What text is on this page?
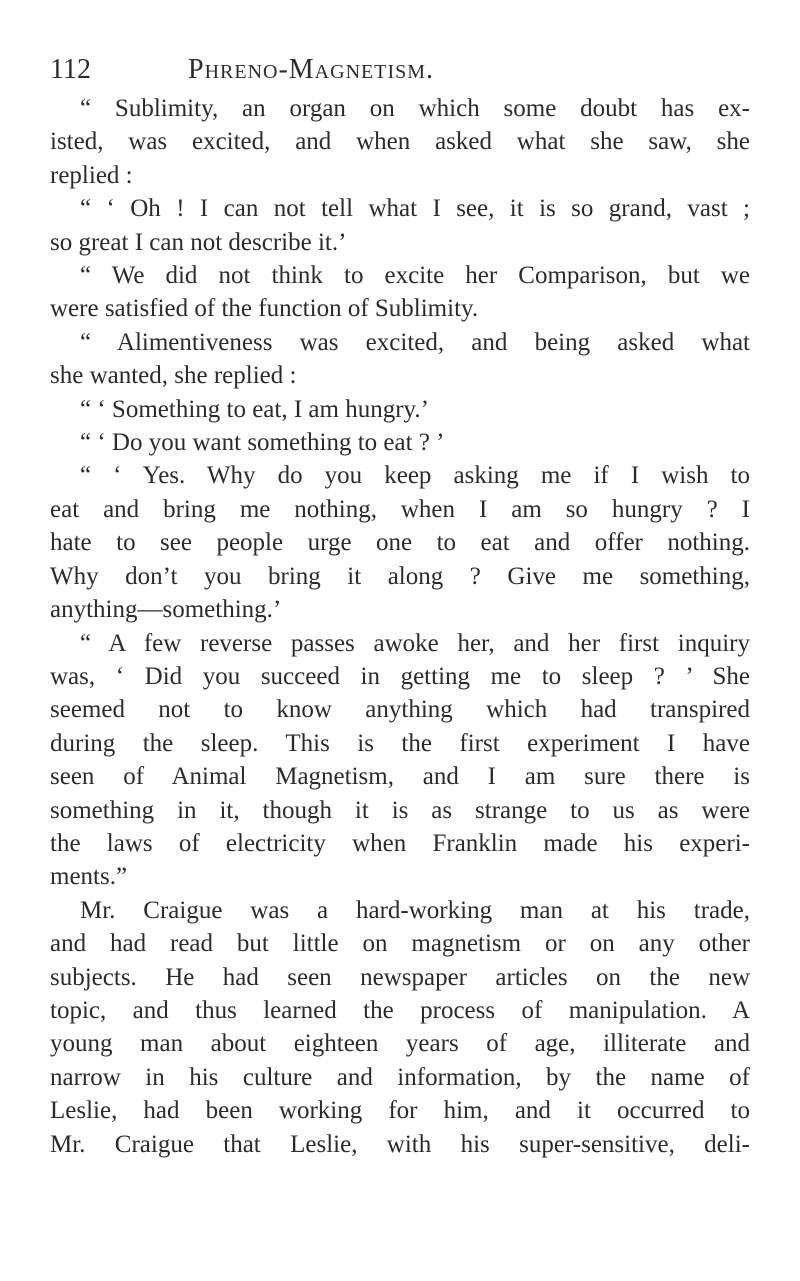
112	Phreno-Magnetism.
“ Sublimity, an organ on which some doubt has ex-
isted, was excited, and when asked what she saw, she
replied :
“ ‘ Oh ! I can not tell what I see, it is so grand, vast ;
so great I can not describe it.’
“ We did not think to excite her Comparison, but we
were satisfied of the function of Sublimity.
“ Alimentiveness was excited, and being asked what
she wanted, she replied :
“ ‘ Something to eat, I am hungry.’
“ ‘ Do you want something to eat ? ’
“ ‘ Yes. Why do you keep asking me if I wish to
eat and bring me nothing, when I am so hungry ? I
hate to see people urge one to eat and offer nothing.
Why don’t you bring it along ? Give me something,
anything—something.’
“ A few reverse passes awoke her, and her first inquiry
was, ‘ Did you succeed in getting me to sleep ? ’ She
seemed not to know anything which had transpired
during the sleep. This is the first experiment I have
seen of Animal Magnetism, and I am sure there is
something in it, though it is as strange to us as were
the laws of electricity when Franklin made his experi-
ments.”
Mr. Craigue was a hard-working man at his trade,
and had read but little on magnetism or on any other
subjects. He had seen newspaper articles on the new
topic, and thus learned the process of manipulation. A
young man about eighteen years of age, illiterate and
narrow in his culture and information, by the name of
Leslie, had been working for him, and it occurred to
Mr. Craigue that Leslie, with his super-sensitive, deli-
